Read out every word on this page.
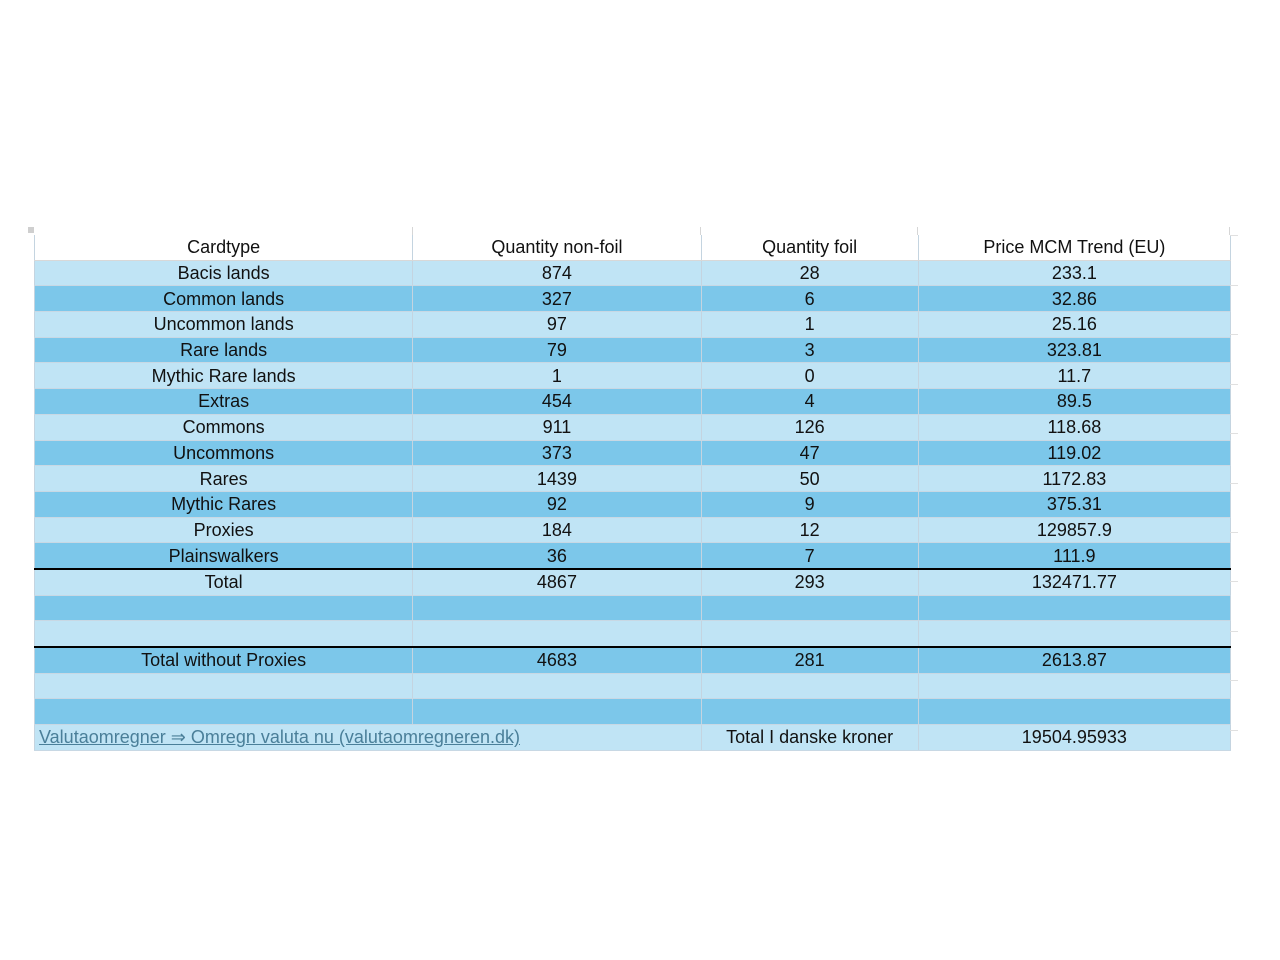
Cardtype	Quantity non-foil	Quantity foil	Price MCM Trend (EU)
Bacis lands	874	28	233.1
Common lands	327	6	32.86
Uncommon lands	97	1	25.16
Rare lands	79	3	323.81
Mythic Rare lands	1	0	11.7
Extras	454	4	89.5
Commons	911	126	118.68
Uncommons	373	47	119.02
Rares	1439	50	1172.83
Mythic Rares	92	9	375.31
Proxies	184	12	129857.9
Plainswalkers	36	7	111.9
Total	4867	293	132471.77

Total without Proxies	4683	281	2613.87

Valutaomregner ⇒ Omregn valuta nu (valutaomregneren.dk)		Total I danske kroner	19504.95933
